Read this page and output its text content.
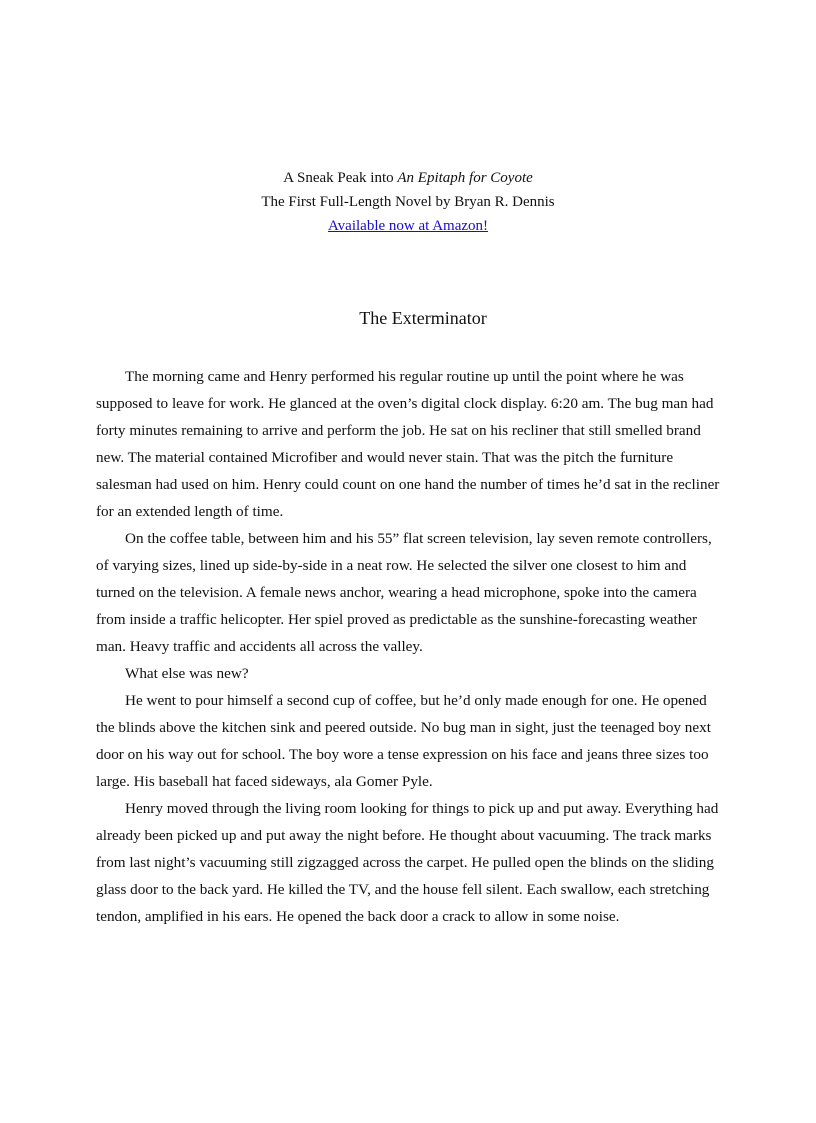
A Sneak Peak into An Epitaph for Coyote
The First Full-Length Novel by Bryan R. Dennis
Available now at Amazon!
The Exterminator

The morning came and Henry performed his regular routine up until the point where he was supposed to leave for work. He glanced at the oven’s digital clock display. 6:20 am. The bug man had forty minutes remaining to arrive and perform the job. He sat on his recliner that still smelled brand new. The material contained Microfiber and would never stain. That was the pitch the furniture salesman had used on him. Henry could count on one hand the number of times he’d sat in the recliner for an extended length of time.

On the coffee table, between him and his 55” flat screen television, lay seven remote controllers, of varying sizes, lined up side-by-side in a neat row. He selected the silver one closest to him and turned on the television. A female news anchor, wearing a head microphone, spoke into the camera from inside a traffic helicopter. Her spiel proved as predictable as the sunshine-forecasting weather man. Heavy traffic and accidents all across the valley.

What else was new?

He went to pour himself a second cup of coffee, but he’d only made enough for one. He opened the blinds above the kitchen sink and peered outside. No bug man in sight, just the teenaged boy next door on his way out for school. The boy wore a tense expression on his face and jeans three sizes too large. His baseball hat faced sideways, ala Gomer Pyle.

Henry moved through the living room looking for things to pick up and put away. Everything had already been picked up and put away the night before. He thought about vacuuming. The track marks from last night’s vacuuming still zigzagged across the carpet. He pulled open the blinds on the sliding glass door to the back yard. He killed the TV, and the house fell silent. Each swallow, each stretching tendon, amplified in his ears. He opened the back door a crack to allow in some noise.
